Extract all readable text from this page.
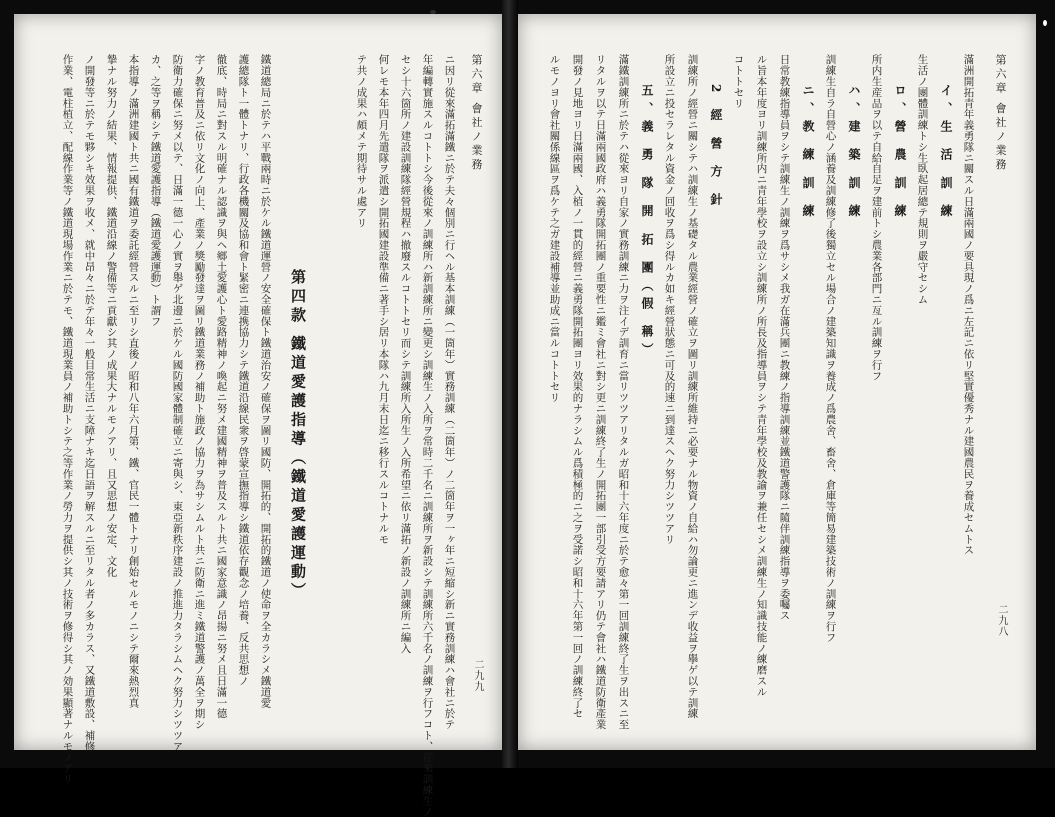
第六章 會社ノ業務
二九九
ニ因リ從來滿拓滿鐵ニ於テ夫々個別ニ行ヘル基本訓練（一箇年）實務訓練（二箇年）ノ二箇年ヲ一ヶ年ニ短縮シ新ニ實務訓練ハ會社ニ於テ
年編轉實施スルコトトシ今後從來ノ訓練所ハ新訓練所ニ變更シ訓練生ノ入所ヲ常時二千名ニ訓練所ヲ新設シテ訓練所六千名ノ訓練ヲ行フコト、從來訓練生ノ
セシ十六箇所ノ建設訓練隊經營規程ハ撤廢スルコトトセリ而シテ訓練所入所生ノ入所希望ニ依リ滿拓ノ新設ノ訓練所ニ編入
何レモ本年四月先遣隊ヲ派遣シ開拓國建設準備ニ著手シ居リ本隊ハ九月末日迄ニ移行スルコトナルモ
テ共ノ成果ハ頗メテ期待サル處アリ
鐵道總局ニ於テハ平戰兩時ニ於ケル鐵道運營ノ安全確保ト鐵道治安ノ確保ヲ圖リ國防、開拓的、開拓的鐵道ノ使命ヲ全カラシメ鐵道愛
護總隊ト一體トナリ、行政各機關及協和會ト緊密ニ連携協力シテ鐵道沿線民衆ヲ啓蒙宣撫指導シ鐵道依存觀念ノ培養、反共思想ノ
徹底、時局ニ對スル明確ナル認識ヲ與ヘ鄉土愛護心ト愛路精神ノ喚起ニ努メ建國精神ヲ普及スルト共ニ國家意識ノ昂揚ニ努メ且日滿一德
字ノ教育普及ニ依リ文化ノ向上、產業ノ獎勵發達ヲ圖リ鐵道業務ノ補助ト施政ノ協力ヲ為サシムルト共ニ防衛ニ進ミ鐵道警護ノ萬全ヲ期シ
防衛力確保ニ努メ以テ、日滿一德一心ノ實ヲ舉ゲ北邊ニ於ケル國防國家體制確立ニ寄與シ、東亞新秩序建設ノ推進力タラシムヘク努力シツツア
カ、之等ヲ稱シテ鐵道愛護指導（鐵道愛護運動）ト謂フ
本指導ノ滿洲建國ト共ニ國有鐵道ヲ委託經營スルニ至リシ直後ノ昭和八年六月第、鐵、官民一體トナリ創始セルモノニシテ爾來熱烈真
摯ナル努力ノ結果、情報提供、鐵道沿線ノ警備等ニ貢獻シ其ノ成果大ナルモノアリ、且又思想ノ安定、文化
ノ開發等ニ於テモ夥シキ效果ヲ收メ、就中昂々ニ於テ年々一般目常生活ニ支障ナキ迄日語ヲ解スルニ至リタル者ノ多カラス、又鐵道敷設、補修
作業、電柱植立、配線作業等ノ鐵道現場作業ニ於テモ、鐵道現業員ノ補助トシテ之等作業ノ勞力ヲ提供シ其ノ技術ヲ修得シ其ノ効果顯著ナルモノアリ	第四款 鐵道愛護指導（鐵道愛護運動）
第六章 會社ノ業務
二九八
滿洲開拓青年義勇隊ニ關スル日滿兩國ノ要具現ノ爲ニ左記ニ依リ堅實優秀ナル建國農民ヲ養成セムトス
イ、生 活 訓 練
生活ノ團體訓練トシ生臥起居總テ規則ヲ嚴守セシム
ロ、營 農 訓 練
所内生産品ヲ以テ自給自足ヲ建前トシ農業各部門ニ亙ル訓練ヲ行フ
ハ、建 築 訓 練
訓練生自ラ自營心ノ涵養及訓練修了後獨立セル場合ノ建築知識ヲ養成ノ爲農舍、畜舍、倉庫等簡易建築技術ノ訓練ヲ行フ
ニ、教 練 訓 練
日常教練指導員ヲシテ訓練生ノ訓練ヲ爲サシメ我ガ在滿兵團ニ教練ノ指導訓練並鐵道警護隊ニ隨伴訓練指導ヲ委囑ス
ル旨本年度ヨリ訓練所内ニ青年學校ヲ設立シ訓練所ノ所長及指導員ヲシテ青年學校及教諭ヲ兼任セシメ訓練生ノ知識技能ノ練磨スル
コトトセリ
2 經 營 方 針
訓練所ノ經營ニ關シテハ訓練生ノ基礎タル農業經營ノ確立ヲ圖リ訓練所維持ニ必要ナル物資ノ自給ハ勿論更ニ進ンデ收益ヲ擧ゲ以テ訓練
所設立ニ投セラレタル資金ノ回收ヲ爲シ得ルカ如キ經營狀態ニ可及的速ニ到達スヘク努力シツツアリ
五、義 勇 隊 開 拓 團（假 稱）
滿鐵訓練所ニ於テハ從來ヨリ自家ノ實務訓練ニ力ヲ注イデ訓育ニ當リツツアリタルガ昭和十六年度ニ於テ愈々第一回訓練終了生ヲ出スニ至
リタルヲ以テ日滿兩國政府ハ義勇隊開拓團ノ重要性ニ鑑ミ會社ニ對シ更ニ訓練終了生ノ開拓團一部引受方要請アリ仍テ會社ハ鐵道防衛產業
開發ノ見地ヨリ日滿兩國、入植ノ一貫的經營ニ義勇隊開拓團ヨリ效果的ナラシムル爲積極的ニ之ヲ受諾シ昭和十六年第一回ノ訓練終了セ
ルモノヨリ會社關係線區ヲ爲ケテ之ガ建設補導並助成ニ當ルコトトセリ
